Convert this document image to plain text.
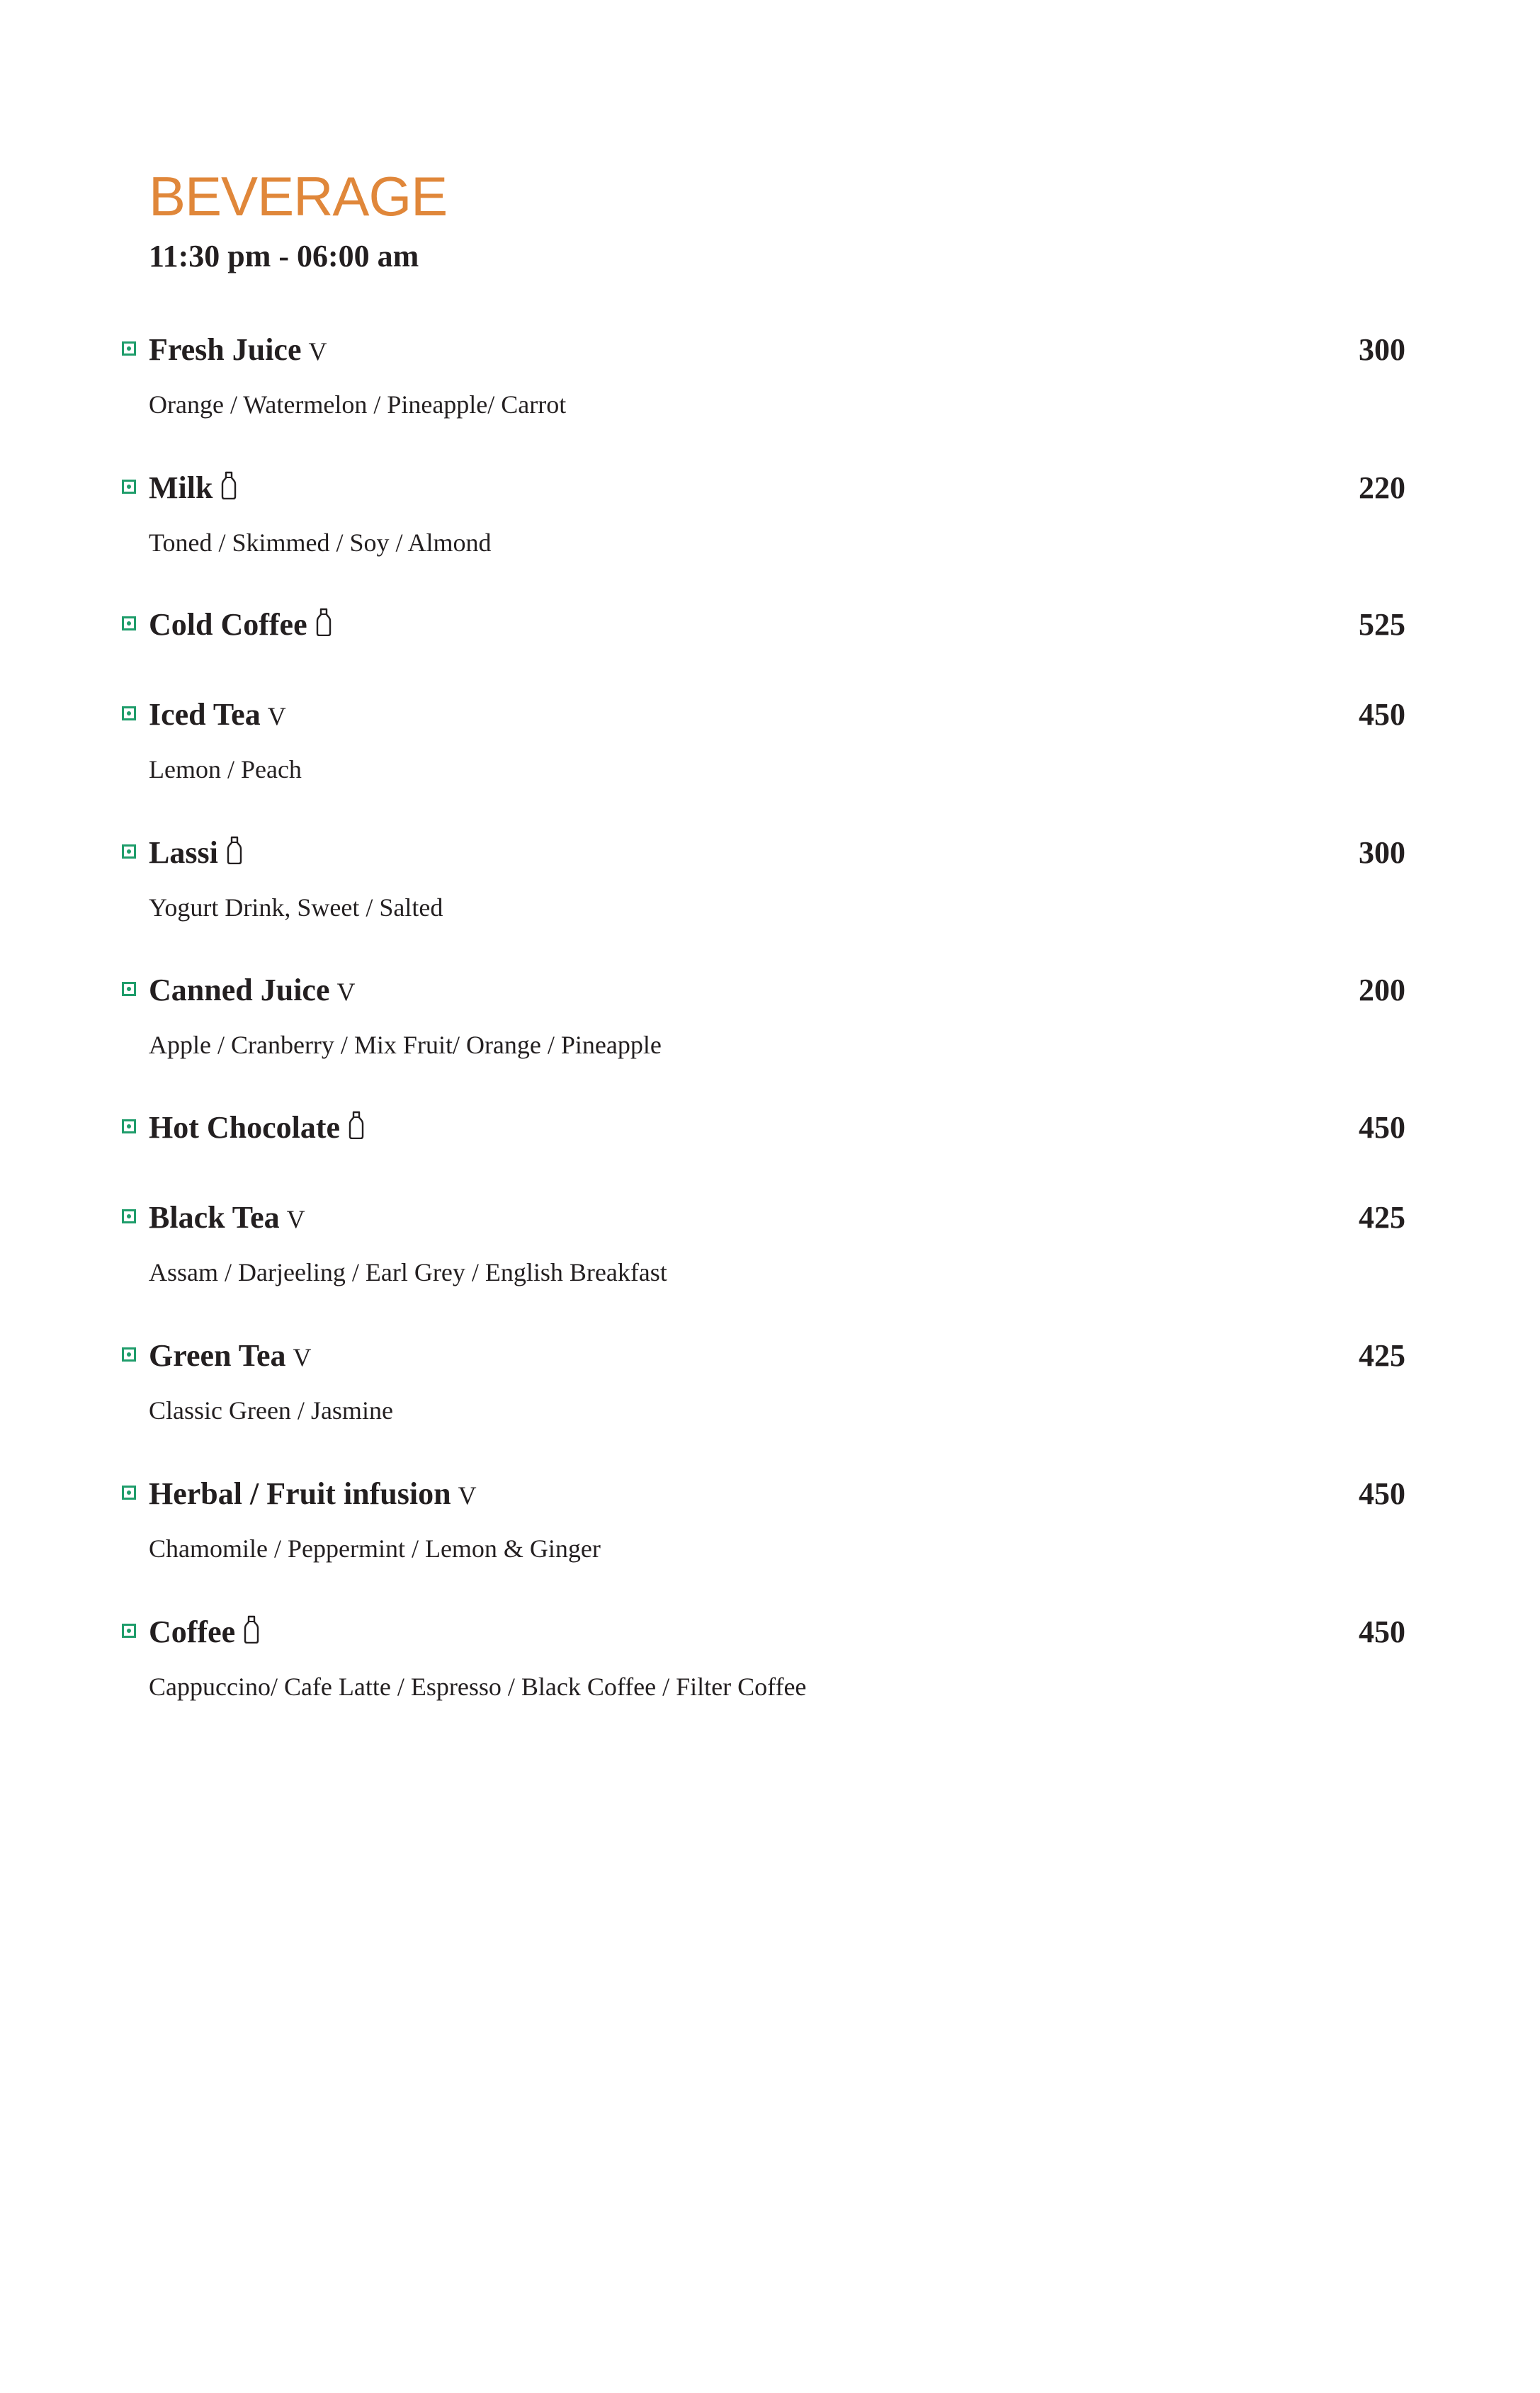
BEVERAGE
11:30 pm - 06:00 am
Fresh Juice V	300
Orange / Watermelon / Pineapple/ Carrot
Milk	220
Toned / Skimmed / Soy / Almond
Cold Coffee	525
Iced Tea V	450
Lemon / Peach
Lassi	300
Yogurt Drink, Sweet / Salted
Canned Juice V	200
Apple / Cranberry / Mix Fruit/ Orange / Pineapple
Hot Chocolate	450
Black Tea V	425
Assam / Darjeeling / Earl Grey / English Breakfast
Green Tea V	425
Classic Green / Jasmine
Herbal / Fruit infusion V	450
Chamomile / Peppermint / Lemon & Ginger
Coffee	450
Cappuccino/ Cafe Latte / Espresso / Black Coffee / Filter Coffee
